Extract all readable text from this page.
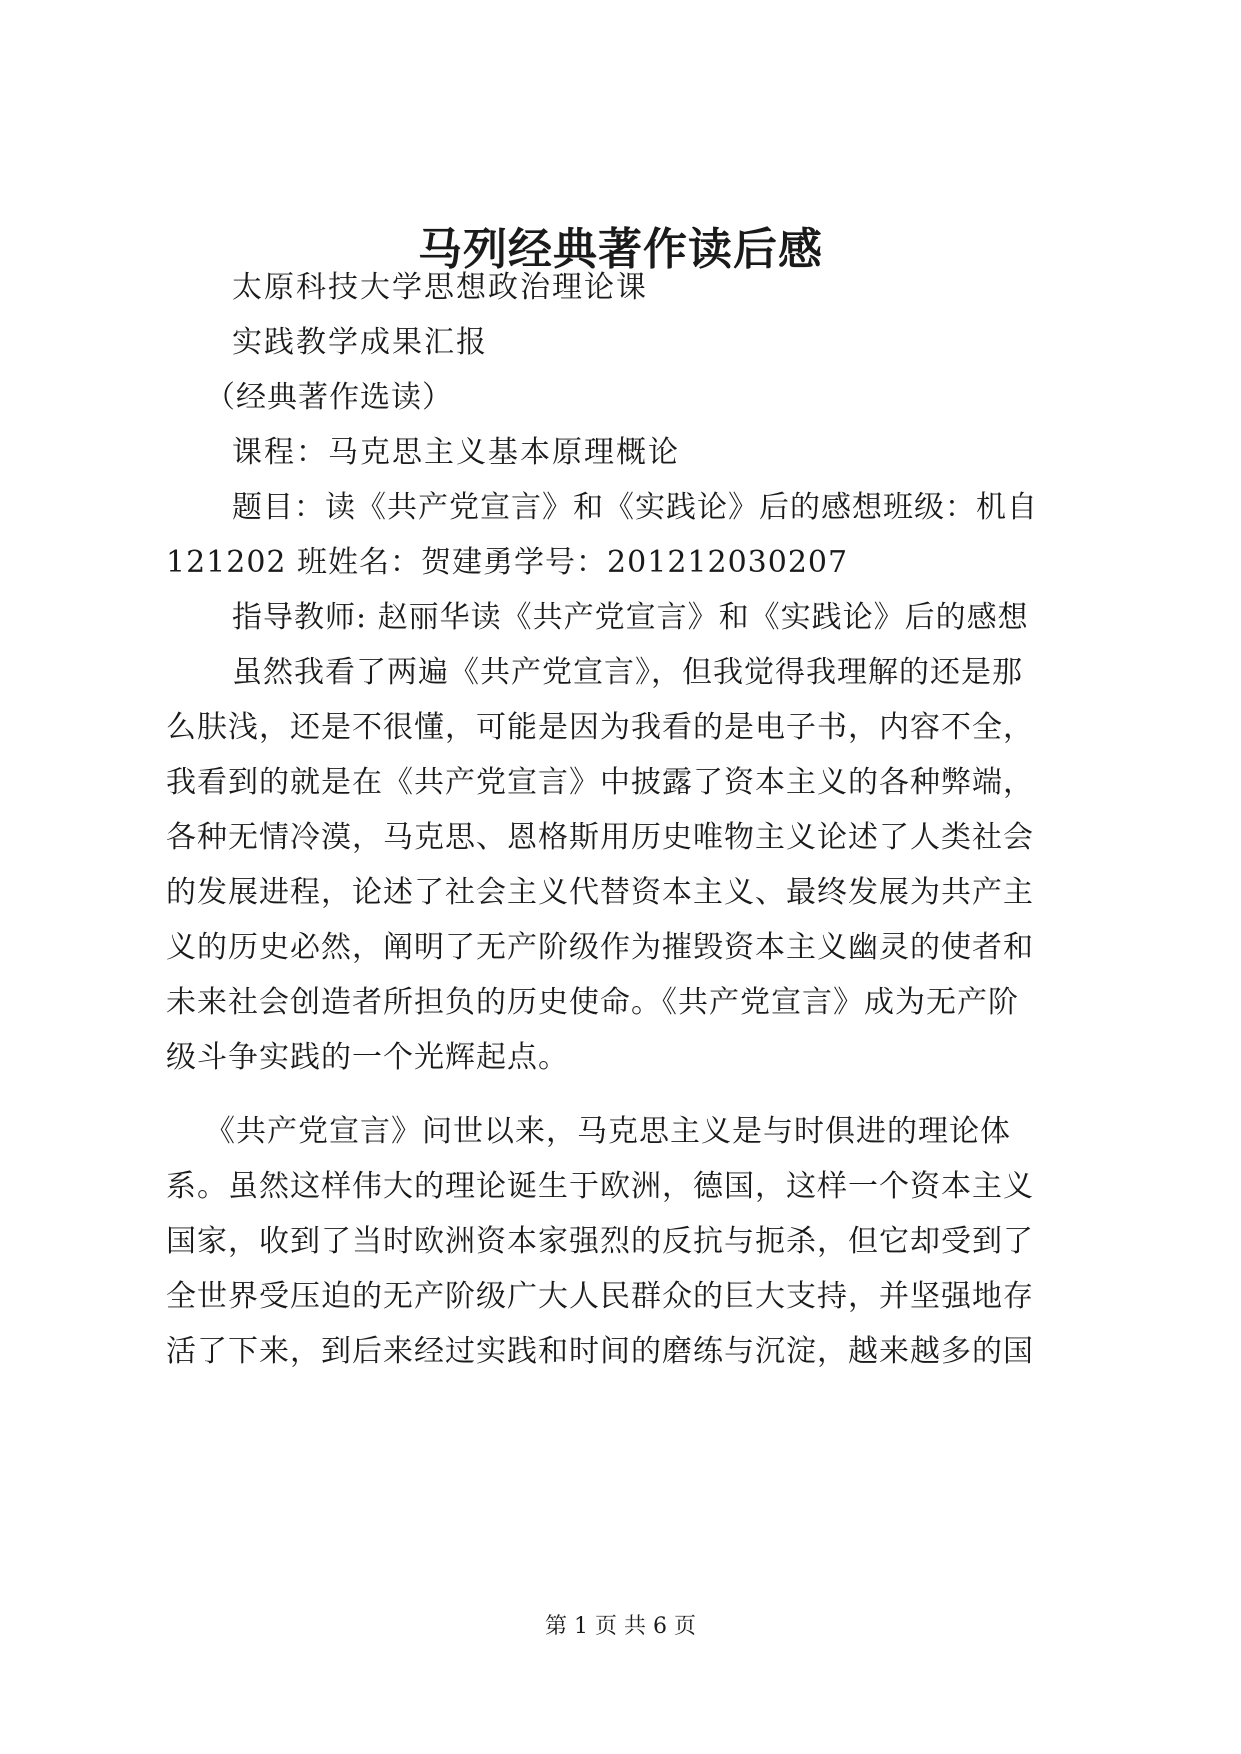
马列经典著作读后感
太原科技大学思想政治理论课
实践教学成果汇报
（经典著作选读）
课程：马克思主义基本原理概论
题目：读《共产党宣言》和《实践论》后的感想班级：机自
121202 班姓名：贺建勇学号：201212030207
指导教师: 赵丽华读《共产党宣言》和《实践论》后的感想
虽然我看了两遍《共产党宣言》，但我觉得我理解的还是那
么肤浅，还是不很懂，可能是因为我看的是电子书，内容不全，
我看到的就是在《共产党宣言》中披露了资本主义的各种弊端，
各种无情冷漠，马克思、恩格斯用历史唯物主义论述了人类社会
的发展进程，论述了社会主义代替资本主义、最终发展为共产主
义的历史必然，阐明了无产阶级作为摧毁资本主义幽灵的使者和
未来社会创造者所担负的历史使命。《共产党宣言》成为无产阶
级斗争实践的一个光辉起点。
《共产党宣言》问世以来，马克思主义是与时俱进的理论体
系。虽然这样伟大的理论诞生于欧洲，德国，这样一个资本主义
国家，收到了当时欧洲资本家强烈的反抗与扼杀，但它却受到了
全世界受压迫的无产阶级广大人民群众的巨大支持，并坚强地存
活了下来，到后来经过实践和时间的磨练与沉淀，越来越多的国
第 1 页 共 6 页
